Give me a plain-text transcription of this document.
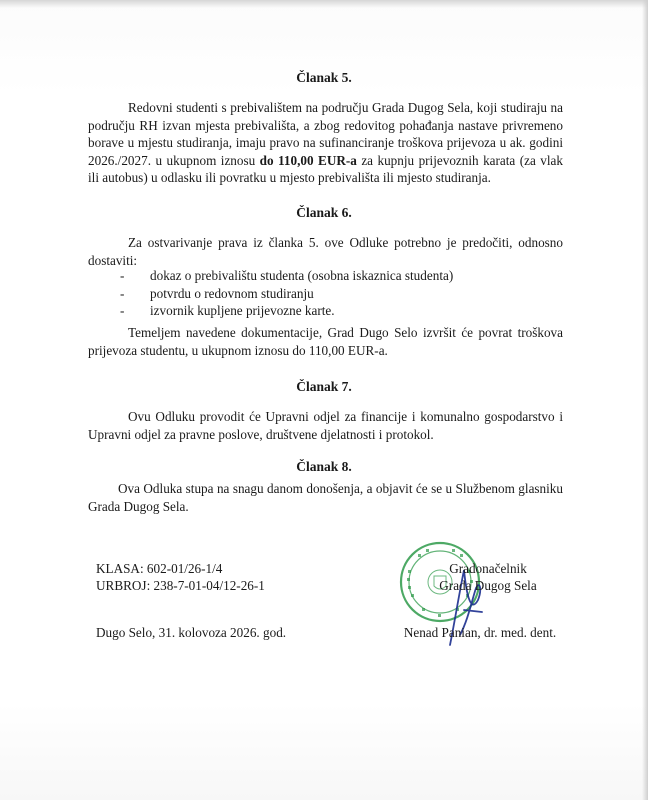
Članak 5.
Redovni studenti s prebivalištem na području Grada Dugog Sela, koji studiraju na području RH izvan mjesta prebivališta, a zbog redovitog pohađanja nastave privremeno borave u mjestu studiranja, imaju pravo na sufinanciranje troškova prijevoza u ak. godini 2026./2027. u ukupnom iznosu do 110,00 EUR-a za kupnju prijevoznih karata (za vlak ili autobus) u odlasku ili povratku u mjesto prebivališta ili mjesto studiranja.
Članak 6.
Za ostvarivanje prava iz članka 5. ove Odluke potrebno je predočiti, odnosno dostaviti:
- dokaz o prebivalištu studenta (osobna iskaznica studenta)
- potvrdu o redovnom studiranju
- izvornik kupljene prijevozne karte.
Temeljem navedene dokumentacije, Grad Dugo Selo izvršit će povrat troškova prijevoza studentu, u ukupnom iznosu do 110,00 EUR-a.
Članak 7.
Ovu Odluku provodit će Upravni odjel za financije i komunalno gospodarstvo i Upravni odjel za pravne poslove, društvene djelatnosti i protokol.
Članak 8.
Ova Odluka stupa na snagu danom donošenja, a objavit će se u Službenom glasniku Grada Dugog Sela.
KLASA: 602-01/26-1/4
URBROJ: 238-7-01-04/12-26-1
Dugo Selo, 31. kolovoza 2026. god.
Gradonačelnik
Grada Dugog Sela
Nenad Panian, dr. med. dent.
